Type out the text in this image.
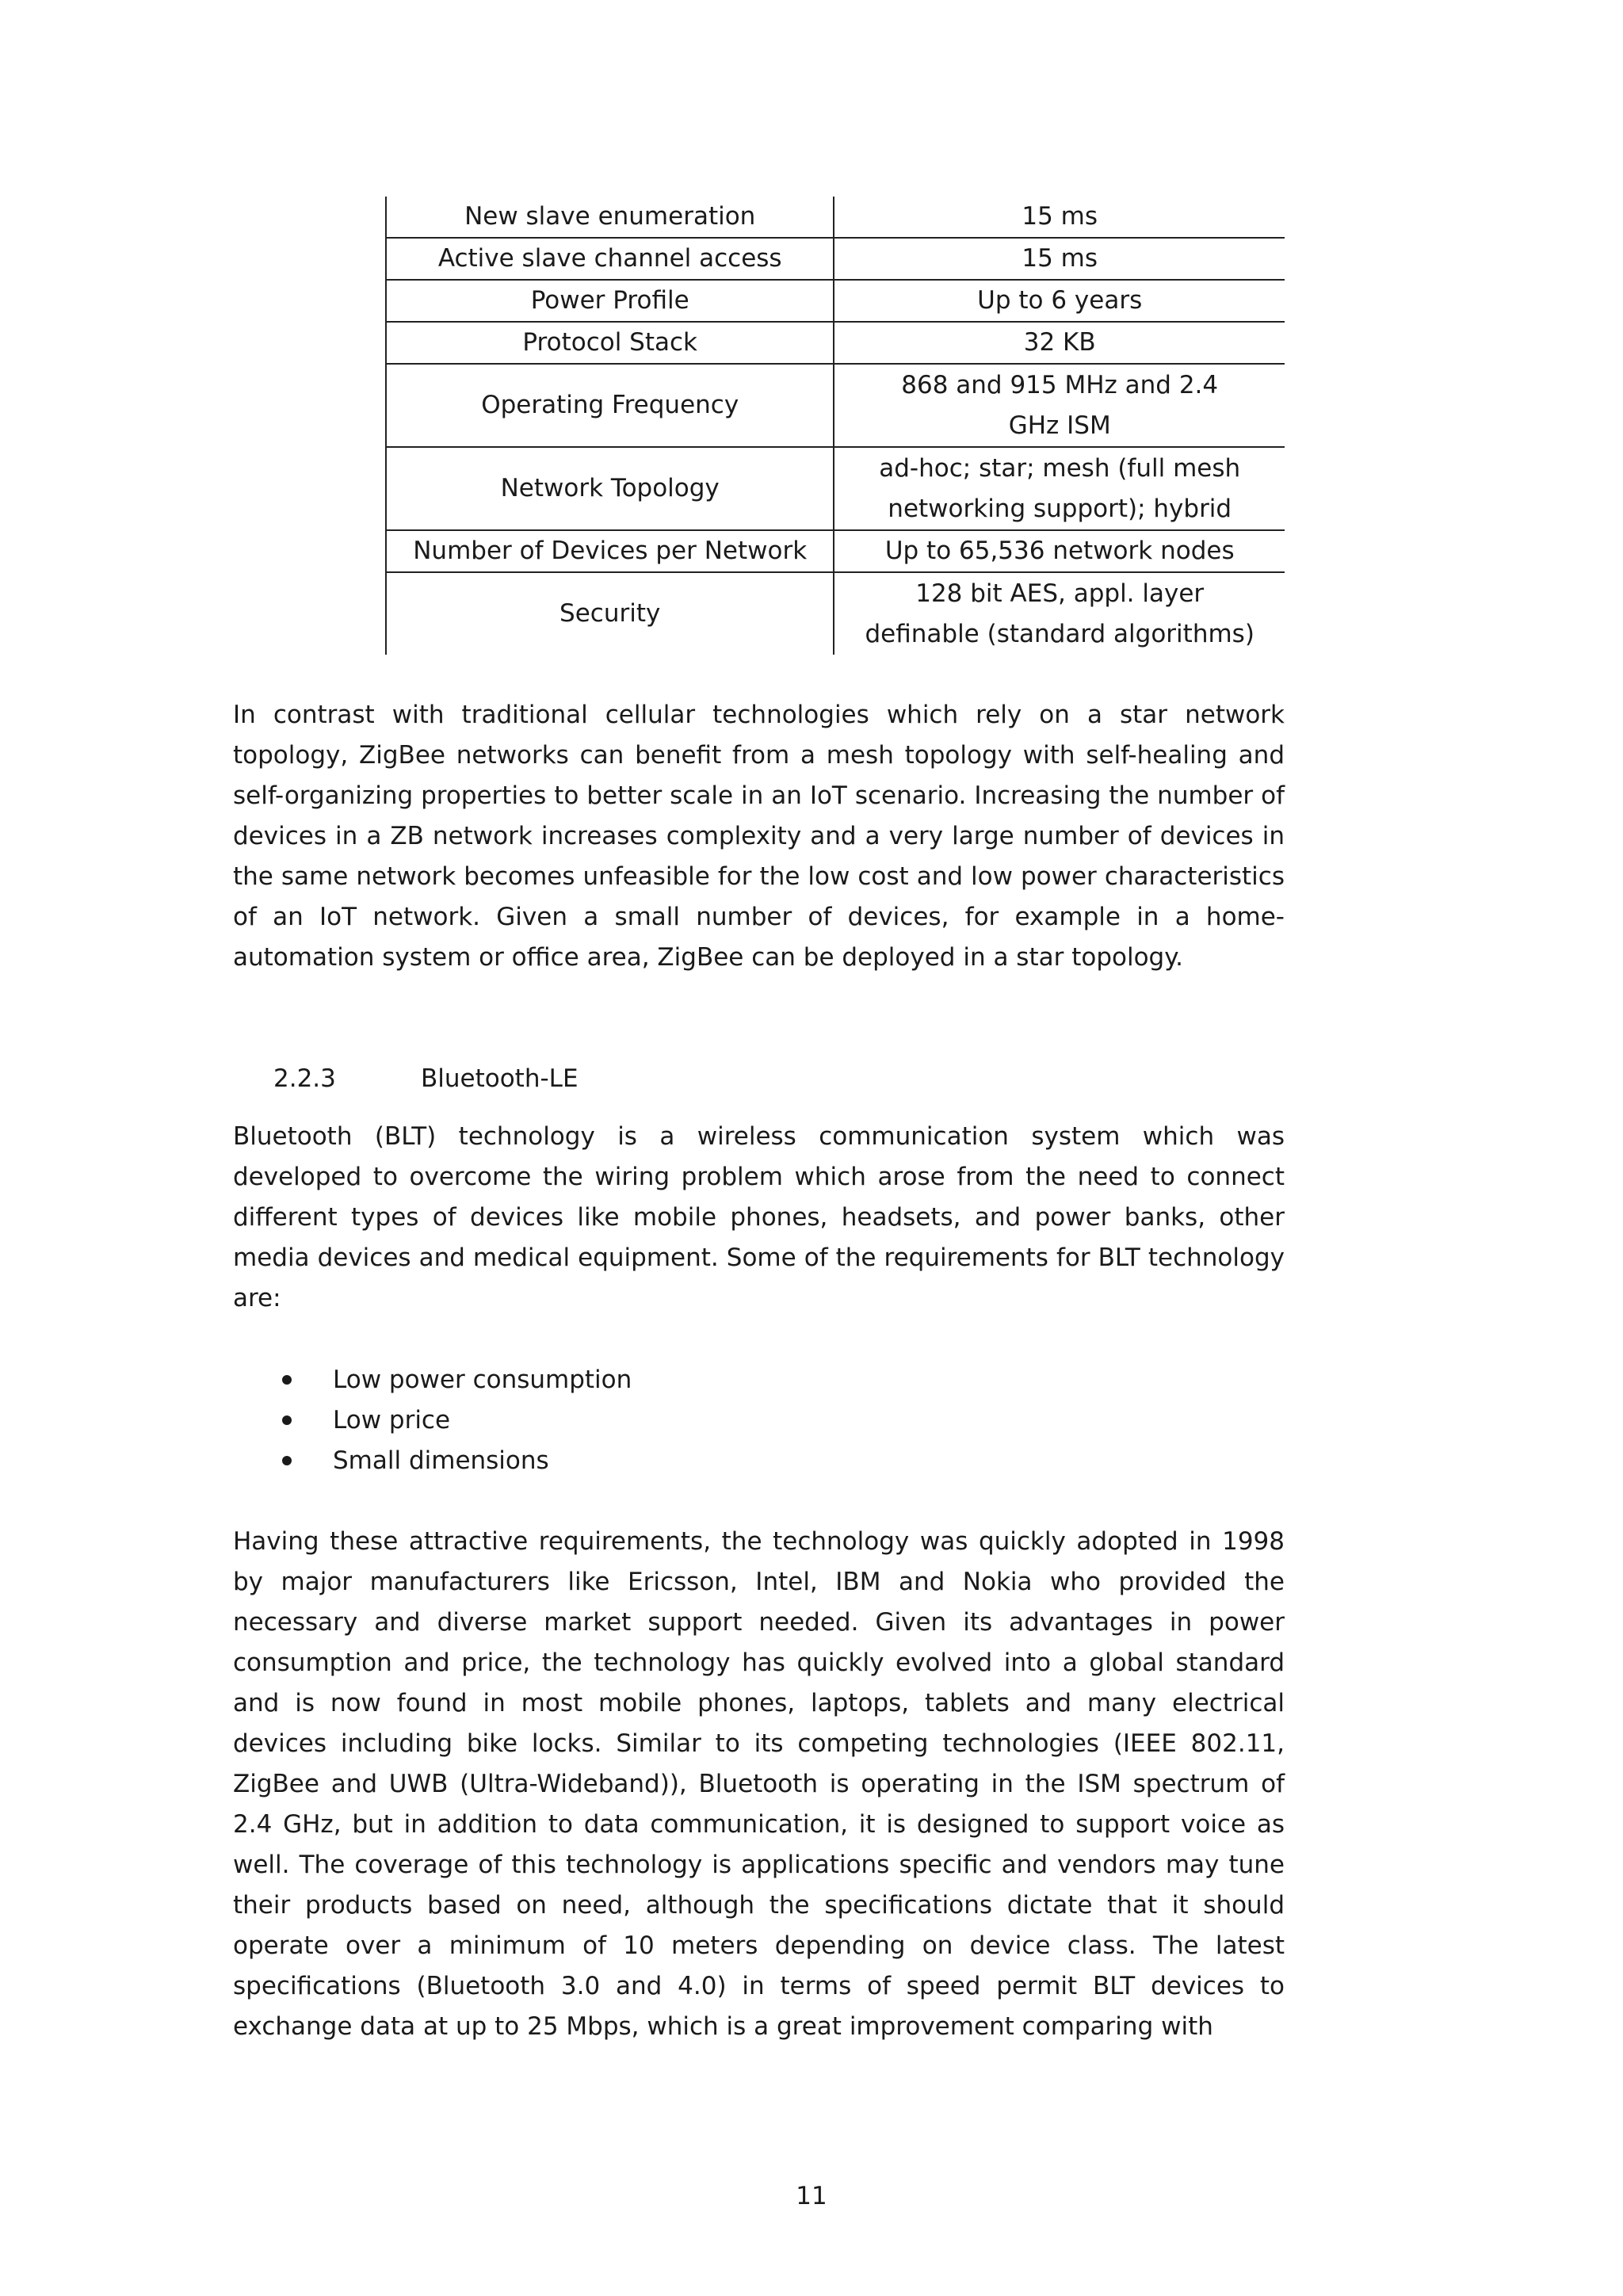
New slave enumeration	15 ms
Active slave channel access	15 ms
Power Profile	Up to 6 years
Protocol Stack	32 KB
Operating Frequency	868 and 915 MHz and 2.4
GHz ISM

Network Topology	ad-hoc; star; mesh (full mesh
networking support); hybrid

Number of Devices per Network	Up to 65,536 network nodes
Security	128 bit AES, appl. layer
definable (standard algorithms)

In contrast with traditional cellular technologies which rely on a star network topology, ZigBee networks can benefit from a mesh topology with self-healing and self-organizing properties to better scale in an IoT scenario. Increasing the number of devices in a ZB network increases complexity and a very large number of devices in the same network becomes unfeasible for the low cost and low power characteristics of an IoT network. Given a small number of devices, for example in a home-automation system or office area, ZigBee can be deployed in a star topology.

2.2.3	Bluetooth-LE

Bluetooth (BLT) technology is a wireless communication system which was developed to overcome the wiring problem which arose from the need to connect different types of devices like mobile phones, headsets, and power banks, other media devices and medical equipment. Some of the requirements for BLT technology are:

Low power consumption
Low price
Small dimensions

Having these attractive requirements, the technology was quickly adopted in 1998 by major manufacturers like Ericsson, Intel, IBM and Nokia who provided the necessary and diverse market support needed. Given its advantages in power consumption and price, the technology has quickly evolved into a global standard and is now found in most mobile phones, laptops, tablets and many electrical devices including bike locks. Similar to its competing technologies (IEEE 802.11, ZigBee and UWB (Ultra-Wideband)), Bluetooth is operating in the ISM spectrum of 2.4 GHz, but in addition to data communication, it is designed to support voice as well. The coverage of this technology is applications specific and vendors may tune their products based on need, although the specifications dictate that it should operate over a minimum of 10 meters depending on device class. The latest specifications (Bluetooth 3.0 and 4.0) in terms of speed permit BLT devices to exchange data at up to 25 Mbps, which is a great improvement comparing with

11
